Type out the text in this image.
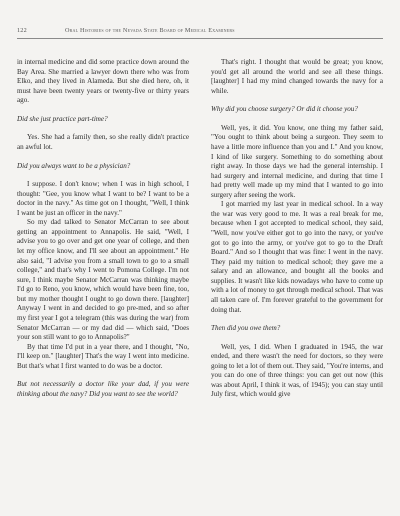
122	Oral Histories of the Nevada State Board of Medical Examiners

in internal medicine and did some practice down around the Bay Area. She married a lawyer down there who was from Elko, and they lived in Alameda. But she died here, oh, it must have been twenty years or twenty-five or thirty years ago.

Did she just practice part-time?

Yes. She had a family then, so she really didn't practice an awful lot.

Did you always want to be a physician?

I suppose. I don't know; when I was in high school, I thought: "Gee, you know what I want to be? I want to be a doctor in the navy." As time got on I thought, "Well, I think I want be just an officer in the navy."

So my dad talked to Senator McCarran to see about getting an appointment to Annapolis. He said, "Well, I advise you to go over and get one year of college, and then let my office know, and I'll see about an appointment." He also said, "I advise you from a small town to go to a small college," and that's why I went to Pomona College. I'm not sure, I think maybe Senator McCarran was thinking maybe I'd go to Reno, you know, which would have been fine, too, but my mother thought I ought to go down there. [laughter] Anyway I went in and decided to go pre-med, and so after my first year I got a telegram (this was during the war) from Senator McCarran — or my dad did — which said, "Does your son still want to go to Annapolis?"

By that time I'd put in a year there, and I thought, "No, I'll keep on." [laughter] That's the way I went into medicine. But that's what I first wanted to do was be a doctor.

But not necessarily a doctor like your dad, if you were thinking about the navy? Did you want to see the world?

That's right. I thought that would be great; you know, you'd get all around the world and see all these things. [laughter] I had my mind changed towards the navy for a while.

Why did you choose surgery? Or did it choose you?

Well, yes, it did. You know, one thing my father said, "You ought to think about being a surgeon. They seem to have a little more influence than you and I." And you know, I kind of like surgery. Something to do something about right away. In those days we had the general internship. I had surgery and internal medicine, and during that time I had pretty well made up my mind that I wanted to go into surgery after seeing the work.

I got married my last year in medical school. In a way the war was very good to me. It was a real break for me, because when I got accepted to medical school, they said, "Well, now you've either got to go into the navy, or you've got to go into the army, or you've got to go to the Draft Board." And so I thought that was fine: I went in the navy. They paid my tuition to medical school; they gave me a salary and an allowance, and bought all the books and supplies. It wasn't like kids nowadays who have to come up with a lot of money to get through medical school. That was all taken care of. I'm forever grateful to the government for doing that.

Then did you owe them?

Well, yes, I did. When I graduated in 1945, the war ended, and there wasn't the need for doctors, so they were going to let a lot of them out. They said, "You're interns, and you can do one of three things: you can get out now (this was about April, I think it was, of 1945); you can stay until July first, which would give
